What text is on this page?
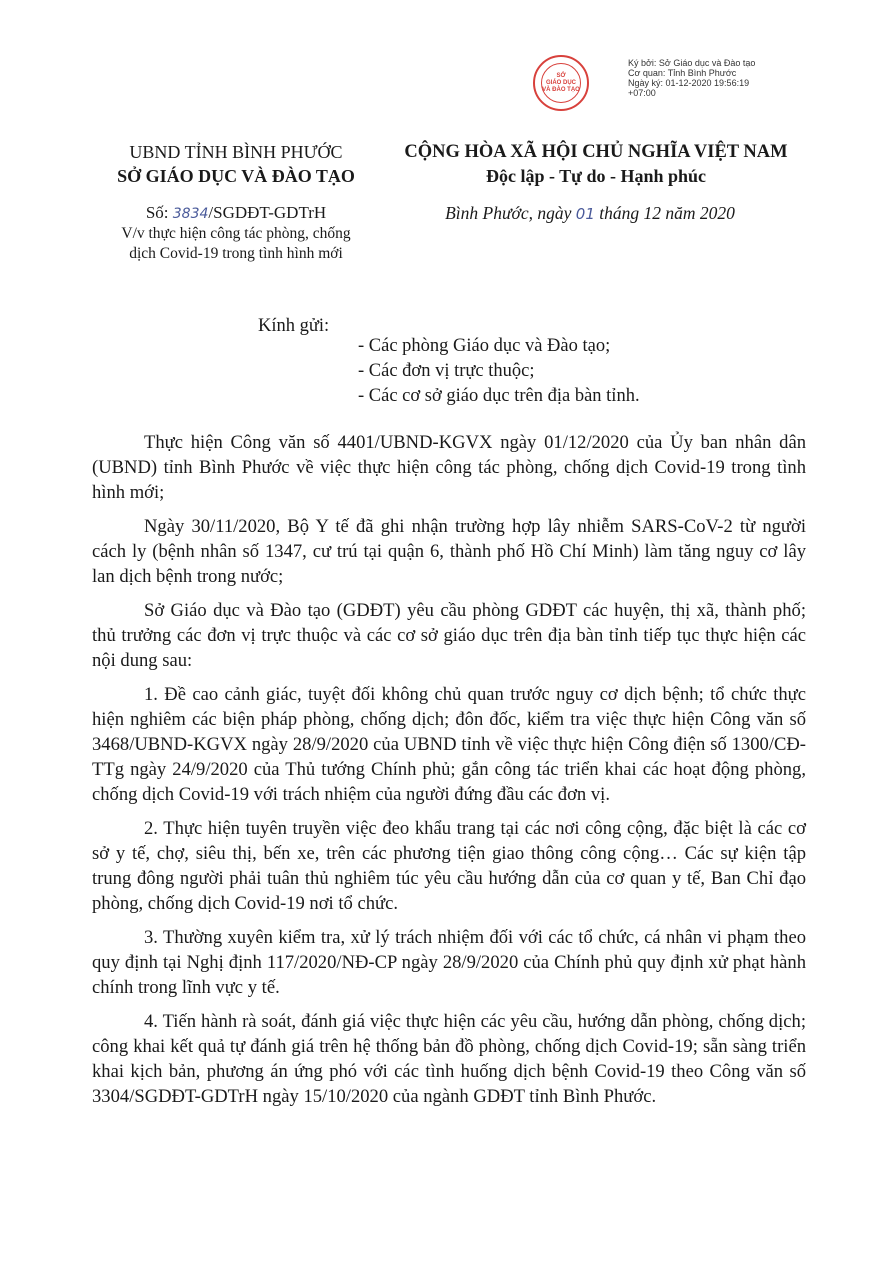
SỞ
GIÁO DỤC
VÀ ĐÀO TẠO
Ký bởi: Sở Giáo dục và Đào tạo
Cơ quan: Tỉnh Bình Phước
Ngày ký: 01-12-2020 19:56:19
+07:00
UBND TỈNH BÌNH PHƯỚC
SỞ GIÁO DỤC VÀ ĐÀO TẠO
CỘNG HÒA XÃ HỘI CHỦ NGHĨA VIỆT NAM
Độc lập - Tự do - Hạnh phúc
Số: 3834/SGDĐT-GDTrH
V/v thực hiện công tác phòng, chống
dịch Covid-19 trong tình hình mới
Bình Phước, ngày 01 tháng 12 năm 2020
Kính gửi:
- Các phòng Giáo dục và Đào tạo;
- Các đơn vị trực thuộc;
- Các cơ sở giáo dục trên địa bàn tỉnh.

Thực hiện Công văn số 4401/UBND-KGVX ngày 01/12/2020 của Ủy ban nhân dân (UBND) tỉnh Bình Phước về việc thực hiện công tác phòng, chống dịch Covid-19 trong tình hình mới;

Ngày 30/11/2020, Bộ Y tế đã ghi nhận trường hợp lây nhiễm SARS-CoV-2 từ người cách ly (bệnh nhân số 1347, cư trú tại quận 6, thành phố Hồ Chí Minh) làm tăng nguy cơ lây lan dịch bệnh trong nước;

Sở Giáo dục và Đào tạo (GDĐT) yêu cầu phòng GDĐT các huyện, thị xã, thành phố; thủ trưởng các đơn vị trực thuộc và các cơ sở giáo dục trên địa bàn tỉnh tiếp tục thực hiện các nội dung sau:

1. Đề cao cảnh giác, tuyệt đối không chủ quan trước nguy cơ dịch bệnh; tổ chức thực hiện nghiêm các biện pháp phòng, chống dịch; đôn đốc, kiểm tra việc thực hiện Công văn số 3468/UBND-KGVX ngày 28/9/2020 của UBND tỉnh về việc thực hiện Công điện số 1300/CĐ-TTg ngày 24/9/2020 của Thủ tướng Chính phủ; gắn công tác triển khai các hoạt động phòng, chống dịch Covid-19 với trách nhiệm của người đứng đầu các đơn vị.

2. Thực hiện tuyên truyền việc đeo khẩu trang tại các nơi công cộng, đặc biệt là các cơ sở y tế, chợ, siêu thị, bến xe, trên các phương tiện giao thông công cộng… Các sự kiện tập trung đông người phải tuân thủ nghiêm túc yêu cầu hướng dẫn của cơ quan y tế, Ban Chỉ đạo phòng, chống dịch Covid-19 nơi tổ chức.

3. Thường xuyên kiểm tra, xử lý trách nhiệm đối với các tổ chức, cá nhân vi phạm theo quy định tại Nghị định 117/2020/NĐ-CP ngày 28/9/2020 của Chính phủ quy định xử phạt hành chính trong lĩnh vực y tế.

4. Tiến hành rà soát, đánh giá việc thực hiện các yêu cầu, hướng dẫn phòng, chống dịch; công khai kết quả tự đánh giá trên hệ thống bản đồ phòng, chống dịch Covid-19; sẵn sàng triển khai kịch bản, phương án ứng phó với các tình huống dịch bệnh Covid-19 theo Công văn số 3304/SGDĐT-GDTrH ngày 15/10/2020 của ngành GDĐT tỉnh Bình Phước.
